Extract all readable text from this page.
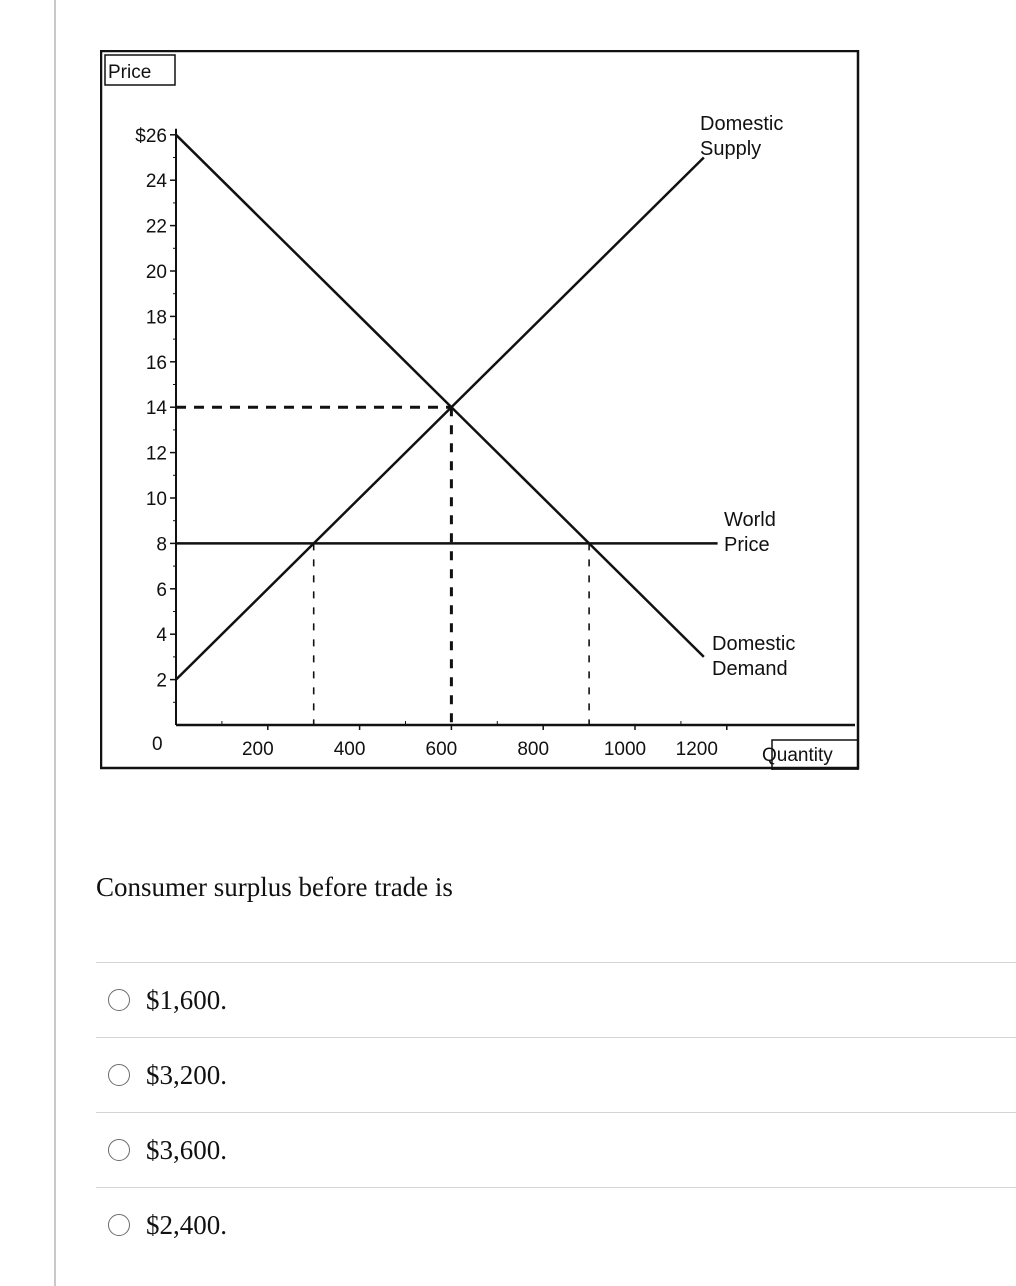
Price
Quantity
0
$26
24
22
20
18
16
14
12
10
8
6
4
2
200	400	600	800	1000 1200
Domestic
Supply
Domestic
Demand
World
Price
Consumer surplus before trade is
$1,600.
$3,200.
$3,600.
$2,400.
